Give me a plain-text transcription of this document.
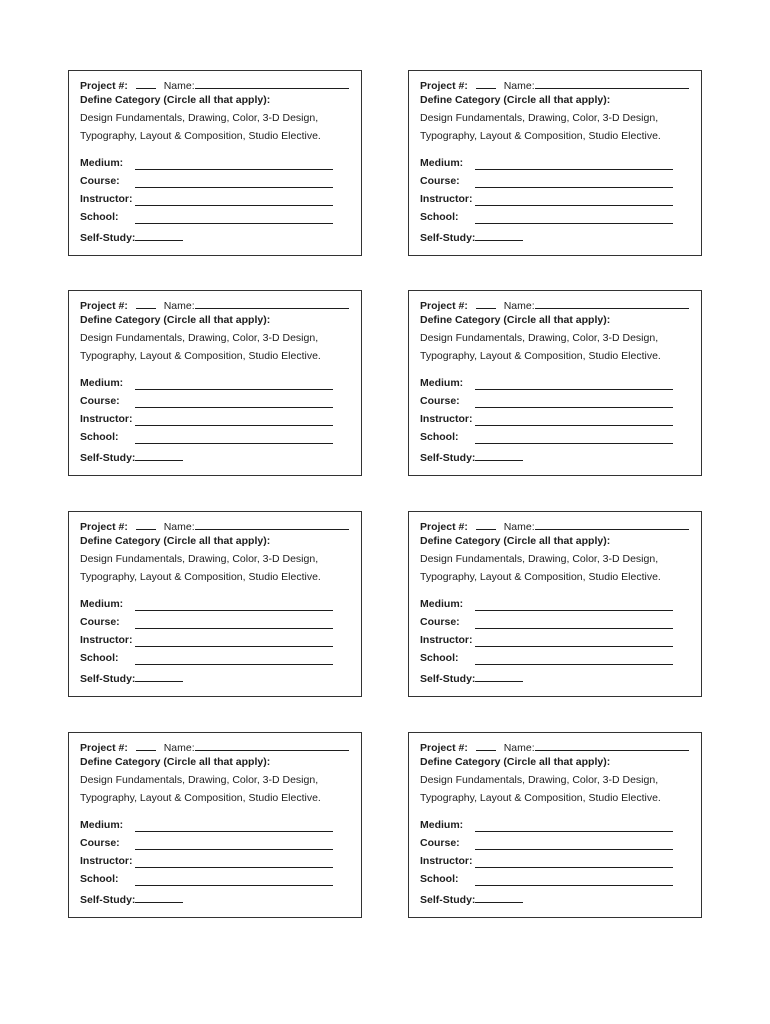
Project #:	Name:
Define Category (Circle all that apply):
Design Fundamentals, Drawing, Color, 3-D Design,
Typography, Layout & Composition, Studio Elective.
Medium:
Course:
Instructor:
School:
Self-Study:
Project #:	Name:
Define Category (Circle all that apply):
Design Fundamentals, Drawing, Color, 3-D Design,
Typography, Layout & Composition, Studio Elective.
Medium:
Course:
Instructor:
School:
Self-Study:
Project #:	Name:
Define Category (Circle all that apply):
Design Fundamentals, Drawing, Color, 3-D Design,
Typography, Layout & Composition, Studio Elective.
Medium:
Course:
Instructor:
School:
Self-Study:
Project #:	Name:
Define Category (Circle all that apply):
Design Fundamentals, Drawing, Color, 3-D Design,
Typography, Layout & Composition, Studio Elective.
Medium:
Course:
Instructor:
School:
Self-Study:
Project #:	Name:
Define Category (Circle all that apply):
Design Fundamentals, Drawing, Color, 3-D Design,
Typography, Layout & Composition, Studio Elective.
Medium:
Course:
Instructor:
School:
Self-Study:
Project #:	Name:
Define Category (Circle all that apply):
Design Fundamentals, Drawing, Color, 3-D Design,
Typography, Layout & Composition, Studio Elective.
Medium:
Course:
Instructor:
School:
Self-Study:
Project #:	Name:
Define Category (Circle all that apply):
Design Fundamentals, Drawing, Color, 3-D Design,
Typography, Layout & Composition, Studio Elective.
Medium:
Course:
Instructor:
School:
Self-Study:
Project #:	Name:
Define Category (Circle all that apply):
Design Fundamentals, Drawing, Color, 3-D Design,
Typography, Layout & Composition, Studio Elective.
Medium:
Course:
Instructor:
School:
Self-Study:
